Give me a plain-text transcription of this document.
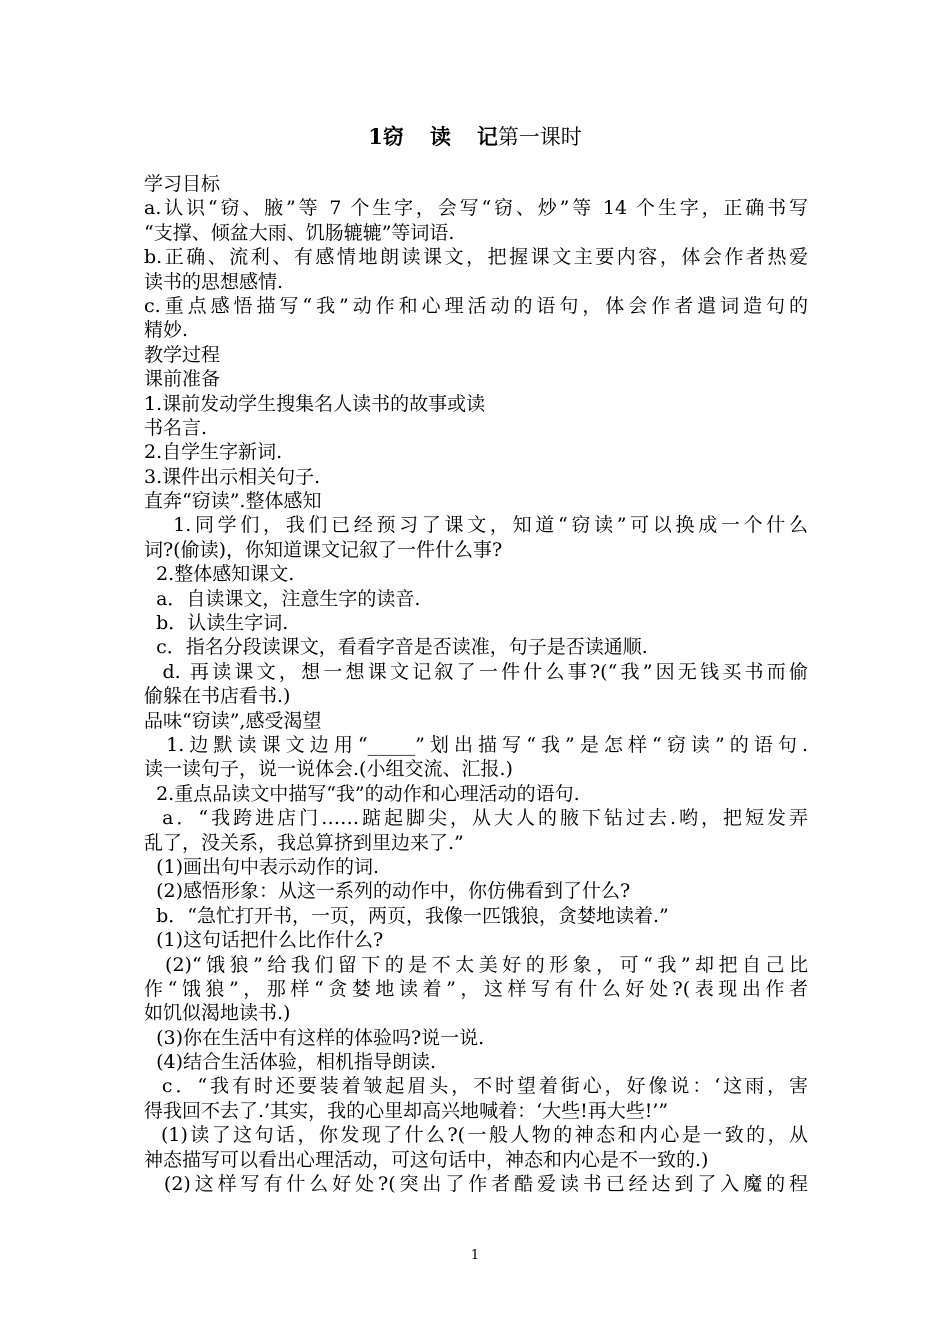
1窃 读 记第一课时
学习目标
a.认识“窃、腋”等 7 个生字，会写“窃、炒”等 14 个生字，正确书写
“支撑、倾盆大雨、饥肠辘辘”等词语.
b.正确、流利、有感情地朗读课文，把握课文主要内容，体会作者热爱
读书的思想感情.
c.重点感悟描写“我”动作和心理活动的语句，体会作者遣词造句的
精妙.
教学过程
课前准备
1.课前发动学生搜集名人读书的故事或读
书名言.
2.自学生字新词.
3.课件出示相关句子.
直奔“窃读”.整体感知
1.同学们，我们已经预习了课文，知道“窃读”可以换成一个什么
词?(偷读)，你知道课文记叙了一件什么事?
2.整体感知课文.
a．自读课文，注意生字的读音.
b．认读生字词.
c．指名分段读课文，看看字音是否读准，句子是否读通顺.
d. 再读课文，想一想课文记叙了一件什么事?(“我”因无钱买书而偷
偷躲在书店看书.)
品味“窃读”,感受渴望
1.边默读课文边用“_____”划出描写“我”是怎样“窃读”的语句.
读一读句子，说一说体会.(小组交流、汇报.)
2.重点品读文中描写“我”的动作和心理活动的语句.
a．“我跨进店门……踮起脚尖，从大人的腋下钻过去.哟，把短发弄
乱了，没关系，我总算挤到里边来了.”
(1)画出句中表示动作的词.
(2)感悟形象：从这一系列的动作中，你仿佛看到了什么?
b．“急忙打开书，一页，两页，我像一匹饿狼，贪婪地读着.”
(1)这句话把什么比作什么?
(2)“饿狼”给我们留下的是不太美好的形象，可“我”却把自己比
作“饿狼”，那样“贪婪地读着”，这样写有什么好处?(表现出作者
如饥似渴地读书.)
(3)你在生活中有这样的体验吗?说一说.
(4)结合生活体验，相机指导朗读.
c．“我有时还要装着皱起眉头，不时望着街心，好像说：‘这雨，害
得我回不去了.’其实，我的心里却高兴地喊着：‘大些!再大些!’”
(1)读了这句话，你发现了什么?(一般人物的神态和内心是一致的，从
神态描写可以看出心理活动，可这句话中，神态和内心是不一致的.)
(2)这样写有什么好处?(突出了作者酷爱读书已经达到了入魔的程
1
